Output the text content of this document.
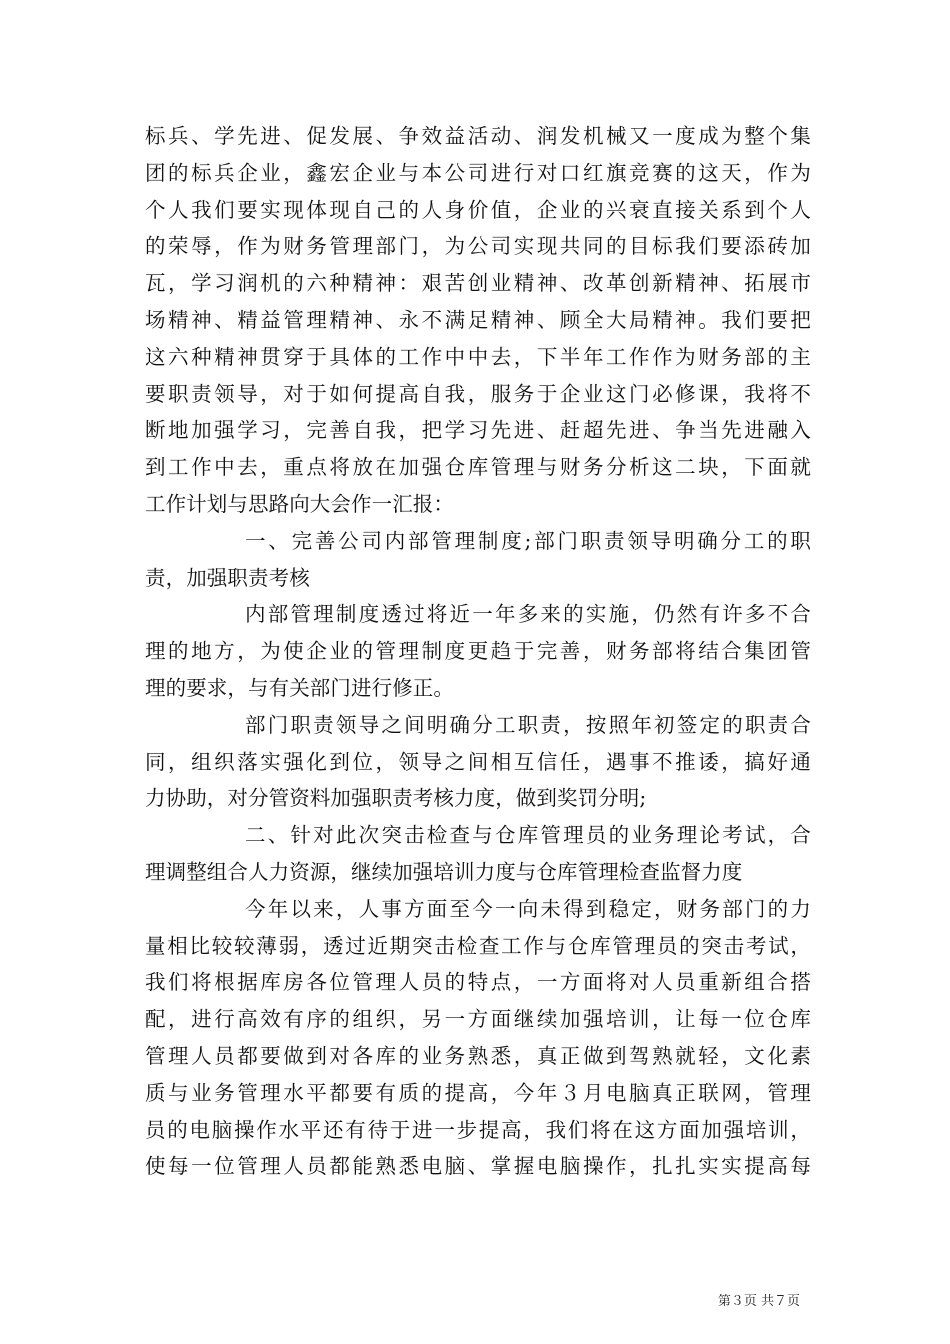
标兵、学先进、促发展、争效益活动、润发机械又一度成为整个集
团的标兵企业，鑫宏企业与本公司进行对口红旗竞赛的这天，作为
个人我们要实现体现自己的人身价值，企业的兴衰直接关系到个人
的荣辱，作为财务管理部门，为公司实现共同的目标我们要添砖加
瓦，学习润机的六种精神：艰苦创业精神、改革创新精神、拓展市
场精神、精益管理精神、永不满足精神、顾全大局精神。我们要把
这六种精神贯穿于具体的工作中中去，下半年工作作为财务部的主
要职责领导，对于如何提高自我，服务于企业这门必修课，我将不
断地加强学习，完善自我，把学习先进、赶超先进、争当先进融入
到工作中去，重点将放在加强仓库管理与财务分析这二块，下面就
工作计划与思路向大会作一汇报：
一、完善公司内部管理制度;部门职责领导明确分工的职
责，加强职责考核
内部管理制度透过将近一年多来的实施，仍然有许多不合
理的地方，为使企业的管理制度更趋于完善，财务部将结合集团管
理的要求，与有关部门进行修正。
部门职责领导之间明确分工职责，按照年初签定的职责合
同，组织落实强化到位，领导之间相互信任，遇事不推诿，搞好通
力协助，对分管资料加强职责考核力度，做到奖罚分明;
二、针对此次突击检查与仓库管理员的业务理论考试，合
理调整组合人力资源，继续加强培训力度与仓库管理检查监督力度
今年以来，人事方面至今一向未得到稳定，财务部门的力
量相比较较薄弱，透过近期突击检查工作与仓库管理员的突击考试，
我们将根据库房各位管理人员的特点，一方面将对人员重新组合搭
配，进行高效有序的组织，另一方面继续加强培训，让每一位仓库
管理人员都要做到对各库的业务熟悉，真正做到驾熟就轻，文化素
质与业务管理水平都要有质的提高，今年３月电脑真正联网，管理
员的电脑操作水平还有待于进一步提高，我们将在这方面加强培训，
使每一位管理人员都能熟悉电脑、掌握电脑操作，扎扎实实提高每
第３页 共７页
